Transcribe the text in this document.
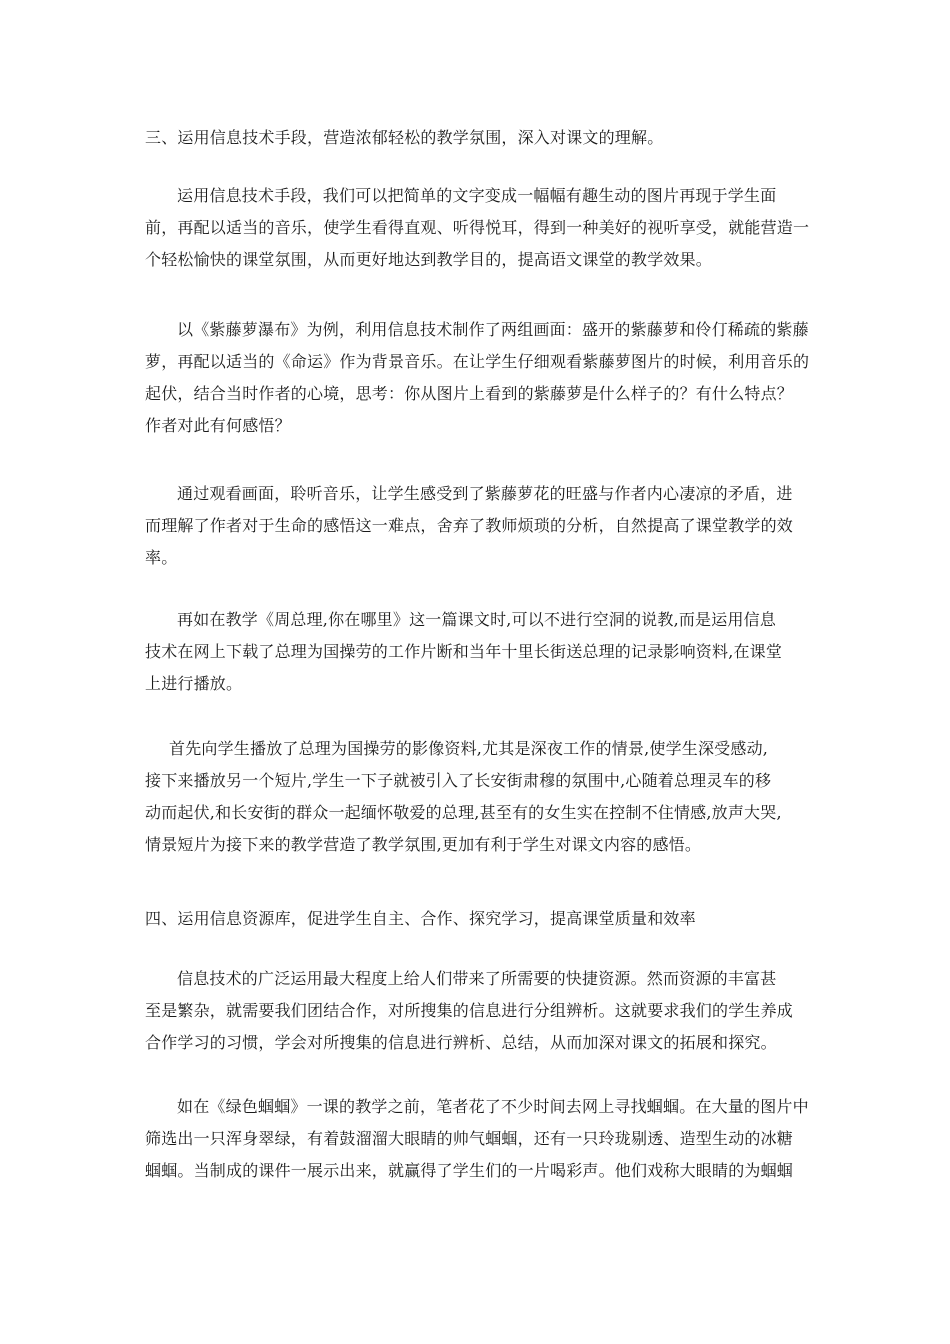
三、运用信息技术手段，营造浓郁轻松的教学氛围，深入对课文的理解。
运用信息技术手段，我们可以把简单的文字变成一幅幅有趣生动的图片再现于学生面
前，再配以适当的音乐，使学生看得直观、听得悦耳，得到一种美好的视听享受，就能营造一
个轻松愉快的课堂氛围，从而更好地达到教学目的，提高语文课堂的教学效果。
以《紫藤萝瀑布》为例，利用信息技术制作了两组画面：盛开的紫藤萝和伶仃稀疏的紫藤
萝，再配以适当的《命运》作为背景音乐。在让学生仔细观看紫藤萝图片的时候，利用音乐的
起伏，结合当时作者的心境，思考：你从图片上看到的紫藤萝是什么样子的？有什么特点？
作者对此有何感悟？
通过观看画面，聆听音乐，让学生感受到了紫藤萝花的旺盛与作者内心凄凉的矛盾，进
而理解了作者对于生命的感悟这一难点，舍弃了教师烦琐的分析，自然提高了课堂教学的效
率。
再如在教学《周总理,你在哪里》这一篇课文时,可以不进行空洞的说教,而是运用信息
技术在网上下载了总理为国操劳的工作片断和当年十里长街送总理的记录影响资料,在课堂
上进行播放。
首先向学生播放了总理为国操劳的影像资料,尤其是深夜工作的情景,使学生深受感动,
接下来播放另一个短片,学生一下子就被引入了长安街肃穆的氛围中,心随着总理灵车的移
动而起伏,和长安街的群众一起缅怀敬爱的总理,甚至有的女生实在控制不住情感,放声大哭,
情景短片为接下来的教学营造了教学氛围,更加有利于学生对课文内容的感悟。
四、运用信息资源库，促进学生自主、合作、探究学习，提高课堂质量和效率
信息技术的广泛运用最大程度上给人们带来了所需要的快捷资源。然而资源的丰富甚
至是繁杂，就需要我们团结合作，对所搜集的信息进行分组辨析。这就要求我们的学生养成
合作学习的习惯，学会对所搜集的信息进行辨析、总结，从而加深对课文的拓展和探究。
如在《绿色蝈蝈》一课的教学之前，笔者花了不少时间去网上寻找蝈蝈。在大量的图片中
筛选出一只浑身翠绿，有着鼓溜溜大眼睛的帅气蝈蝈，还有一只玲珑剔透、造型生动的冰糖
蝈蝈。当制成的课件一展示出来，就赢得了学生们的一片喝彩声。他们戏称大眼睛的为蝈蝈
